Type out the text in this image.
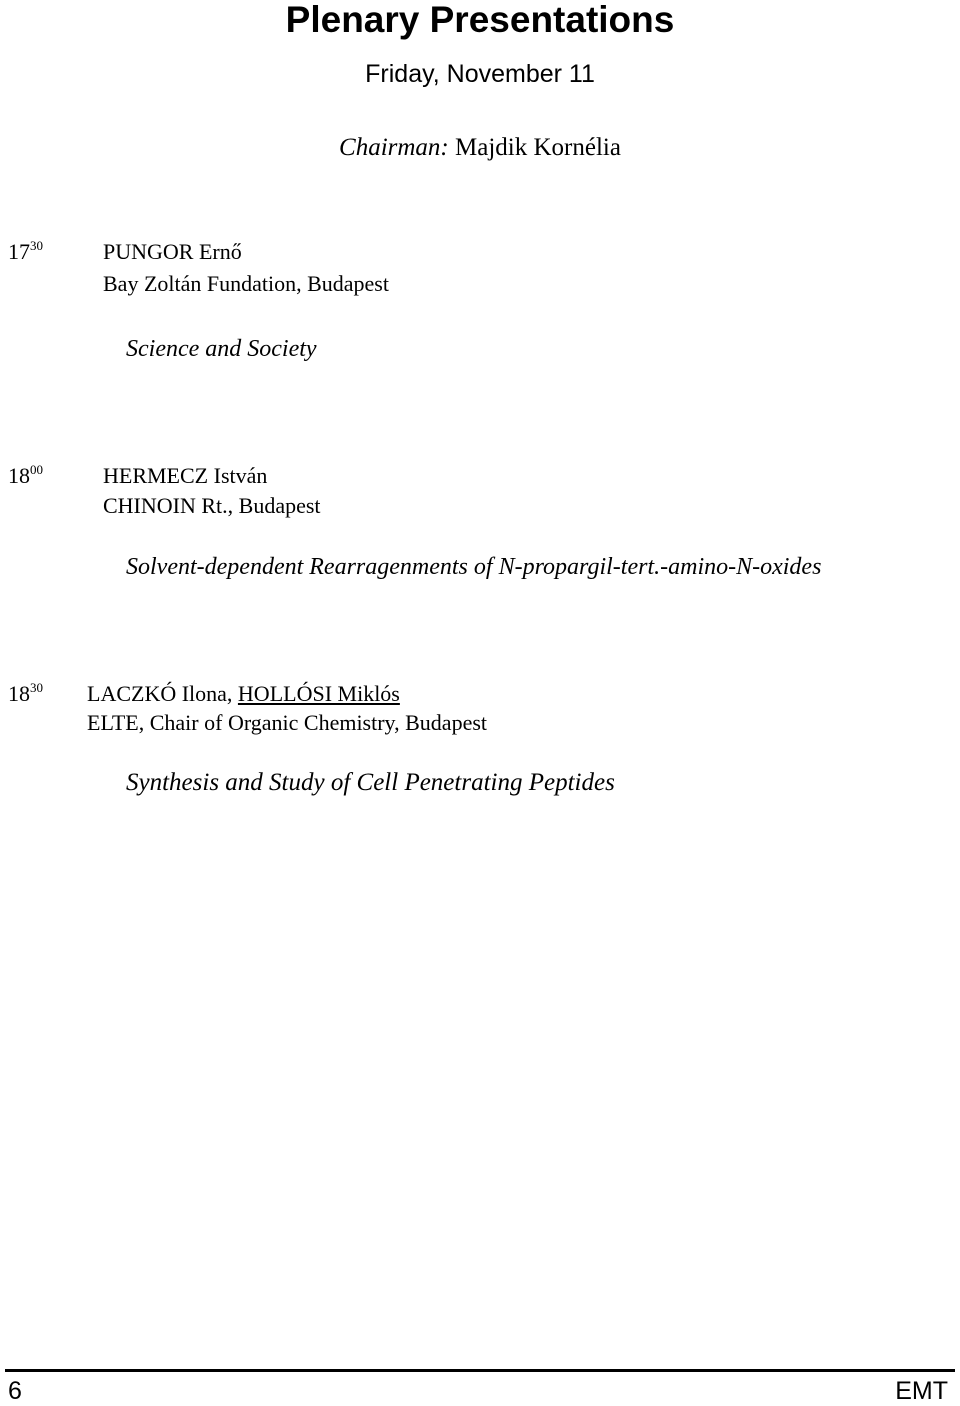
Plenary Presentations
Friday, November 11
Chairman: Majdik Kornélia
$17^{30}$	PUNGOR Ernő
Bay Zoltán Fundation, Budapest
Science and Society
$18^{00}$	HERMECZ István
CHINOIN Rt., Budapest
Solvent-dependent Rearragenments of N-propargil-tert.-amino-N-oxides
$18^{30}$ LACZKÓ Ilona, HOLLÓSI Miklós
ELTE, Chair of Organic Chemistry, Budapest
Synthesis and Study of Cell Penetrating Peptides
6	EMT
